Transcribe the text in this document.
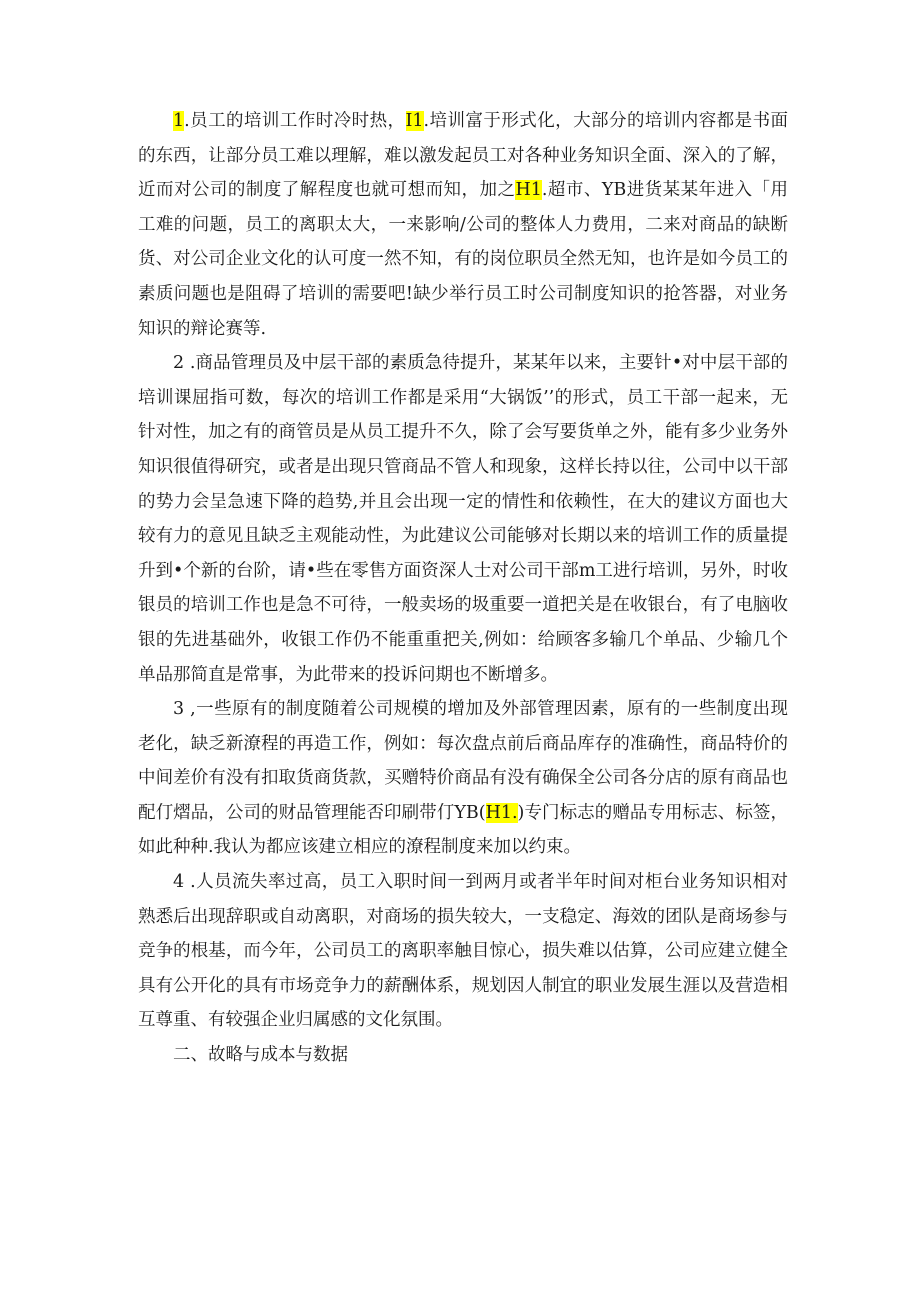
1.员工的培训工作时冷时热，I1.培训富于形式化，大部分的培训内容都是书面的东西，让部分员工难以理解，难以激发起员工对各种业务知识全面、深入的了解，近而对公司的制度了解程度也就可想而知，加之H1.超市、YB进货某某年进入「用工难的问题，员工的离职太大，一来影响/公司的整体人力费用，二来对商品的缺断货、对公司企业文化的认可度一然不知，有的岗位职员全然无知，也许是如今员工的素质问题也是阻碍了培训的需要吧!缺少举行员工时公司制度知识的抢答器，对业务知识的辩论赛等.

2 .商品管理员及中层干部的素质急待提升，某某年以来，主要针•对中层干部的培训课屈指可数，每次的培训工作都是采用“大锅饭’’的形式，员工干部一起来，无针对性，加之有的商管员是从员工提升不久，除了会写要货单之外，能有多少业务外知识很值得研究，或者是出现只管商品不管人和现象，这样长持以往，公司中以干部的势力会呈急速下降的趋势,并且会出现一定的情性和依赖性，在大的建议方面也大较有力的意见且缺乏主观能动性，为此建议公司能够对长期以来的培训工作的质量提升到•个新的台阶，请•些在零售方面资深人士对公司干部m工进行培训，另外，时收银员的培训工作也是急不可待，一般卖场的圾重要一道把关是在收银台，有了电脑收银的先进基础外，收银工作仍不能重重把关,例如：给顾客多输几个单品、少输几个单品那简直是常事，为此带来的投诉问期也不断增多。

3 ,一些原有的制度随着公司规模的增加及外部管理因素，原有的一些制度出现老化，缺乏新潦程的再造工作，例如：每次盘点前后商品库存的准确性，商品特价的中间差价有没有扣取货商货款，买赠特价商品有没有确保全公司各分店的原有商品也配仃熠品，公司的财品管理能否印刷带仃YB(H1.)专门标志的赠品专用标志、标签，如此种种.我认为都应该建立相应的潦程制度来加以约束。

4 .人员流失率过高，员工入职时间一到两月或者半年时间对柜台业务知识相对熟悉后出现辞职或自动离职，对商场的损失较大，一支稳定、海效的团队是商场参与竞争的根基，而今年，公司员工的离职率触目惊心，损失难以估算，公司应建立健全具有公开化的具有市场竞争力的薪酬体系，规划因人制宜的职业发展生涯以及营造相互尊重、有较强企业归属感的文化氛围。

二、故略与成本与数据
